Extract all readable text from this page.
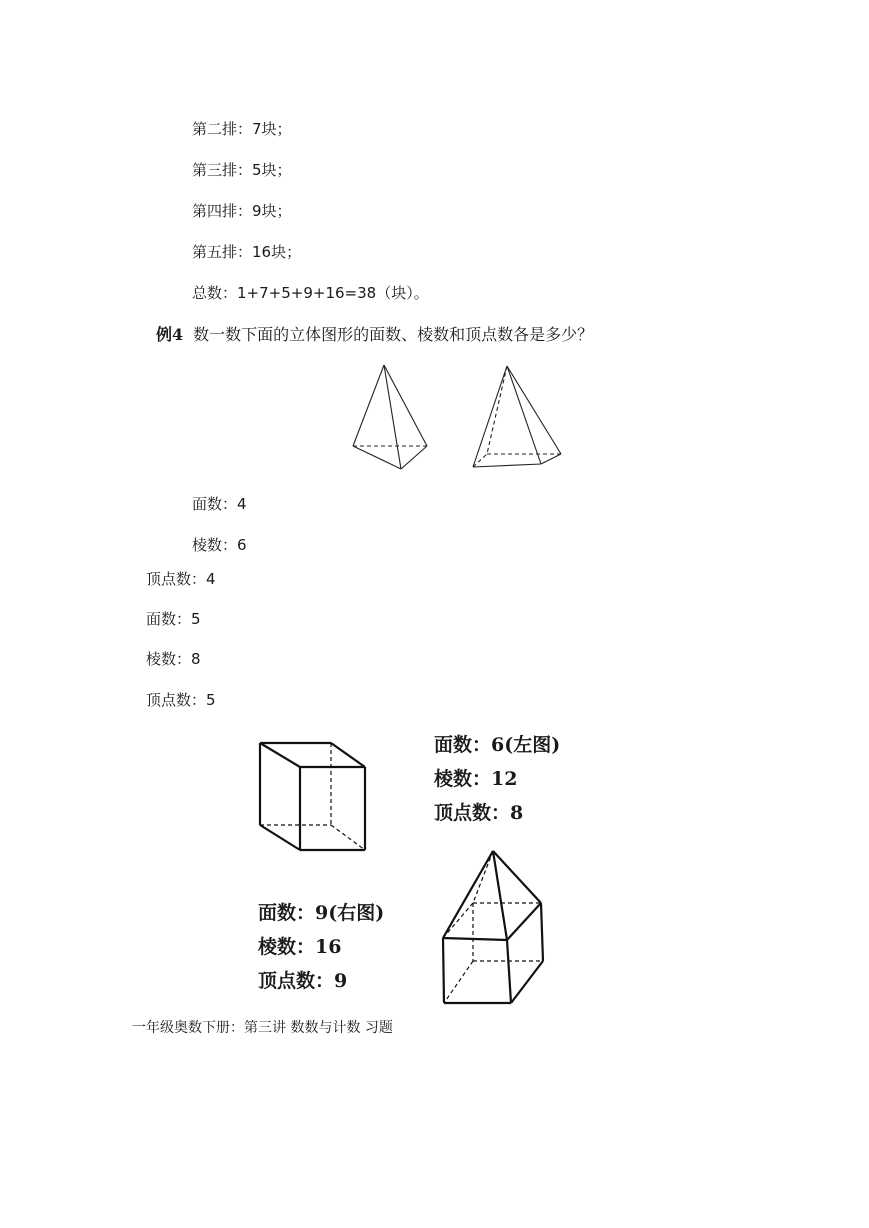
第二排：7块；
第三排：5块；
第四排：9块；
第五排：16块；
总数：1+7+5+9+16=38（块）。
例4 数一数下面的立体图形的面数、棱数和顶点数各是多少？
面数：4
棱数：6
顶点数：4
面数：5
棱数：8
顶点数：5
面数：6(左图)
棱数：12
顶点数：8
面数：9(右图)
棱数：16
顶点数：9
一年级奥数下册：第三讲 数数与计数 习题
